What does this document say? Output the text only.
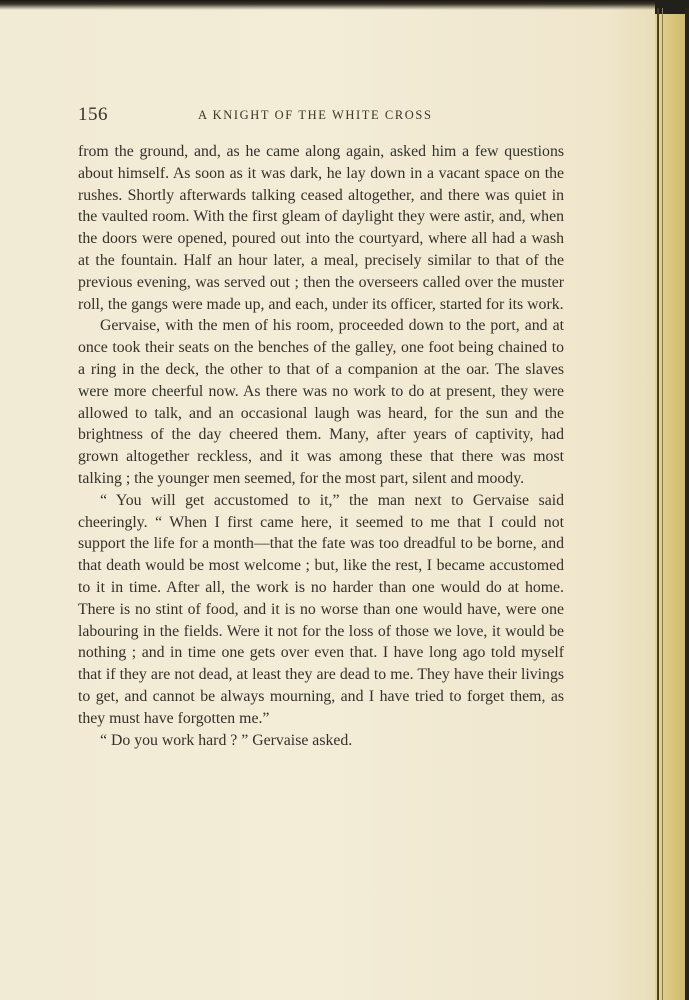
156	A KNIGHT OF THE WHITE CROSS

from the ground, and, as he came along again, asked him a few questions about himself. As soon as it was dark, he lay down in a vacant space on the rushes. Shortly afterwards talking ceased altogether, and there was quiet in the vaulted room. With the first gleam of daylight they were astir, and, when the doors were opened, poured out into the courtyard, where all had a wash at the fountain. Half an hour later, a meal, precisely similar to that of the previous evening, was served out ; then the overseers called over the muster roll, the gangs were made up, and each, under its officer, started for its work.

Gervaise, with the men of his room, proceeded down to the port, and at once took their seats on the benches of the galley, one foot being chained to a ring in the deck, the other to that of a companion at the oar. The slaves were more cheerful now. As there was no work to do at present, they were allowed to talk, and an occasional laugh was heard, for the sun and the brightness of the day cheered them. Many, after years of captivity, had grown altogether reckless, and it was among these that there was most talking ; the younger men seemed, for the most part, silent and moody.

“ You will get accustomed to it,” the man next to Gervaise said cheeringly. “ When I first came here, it seemed to me that I could not support the life for a month—that the fate was too dreadful to be borne, and that death would be most welcome ; but, like the rest, I became accustomed to it in time. After all, the work is no harder than one would do at home. There is no stint of food, and it is no worse than one would have, were one labouring in the fields. Were it not for the loss of those we love, it would be nothing ; and in time one gets over even that. I have long ago told myself that if they are not dead, at least they are dead to me. They have their livings to get, and cannot be always mourning, and I have tried to forget them, as they must have forgotten me.”

“ Do you work hard ? ” Gervaise asked.
